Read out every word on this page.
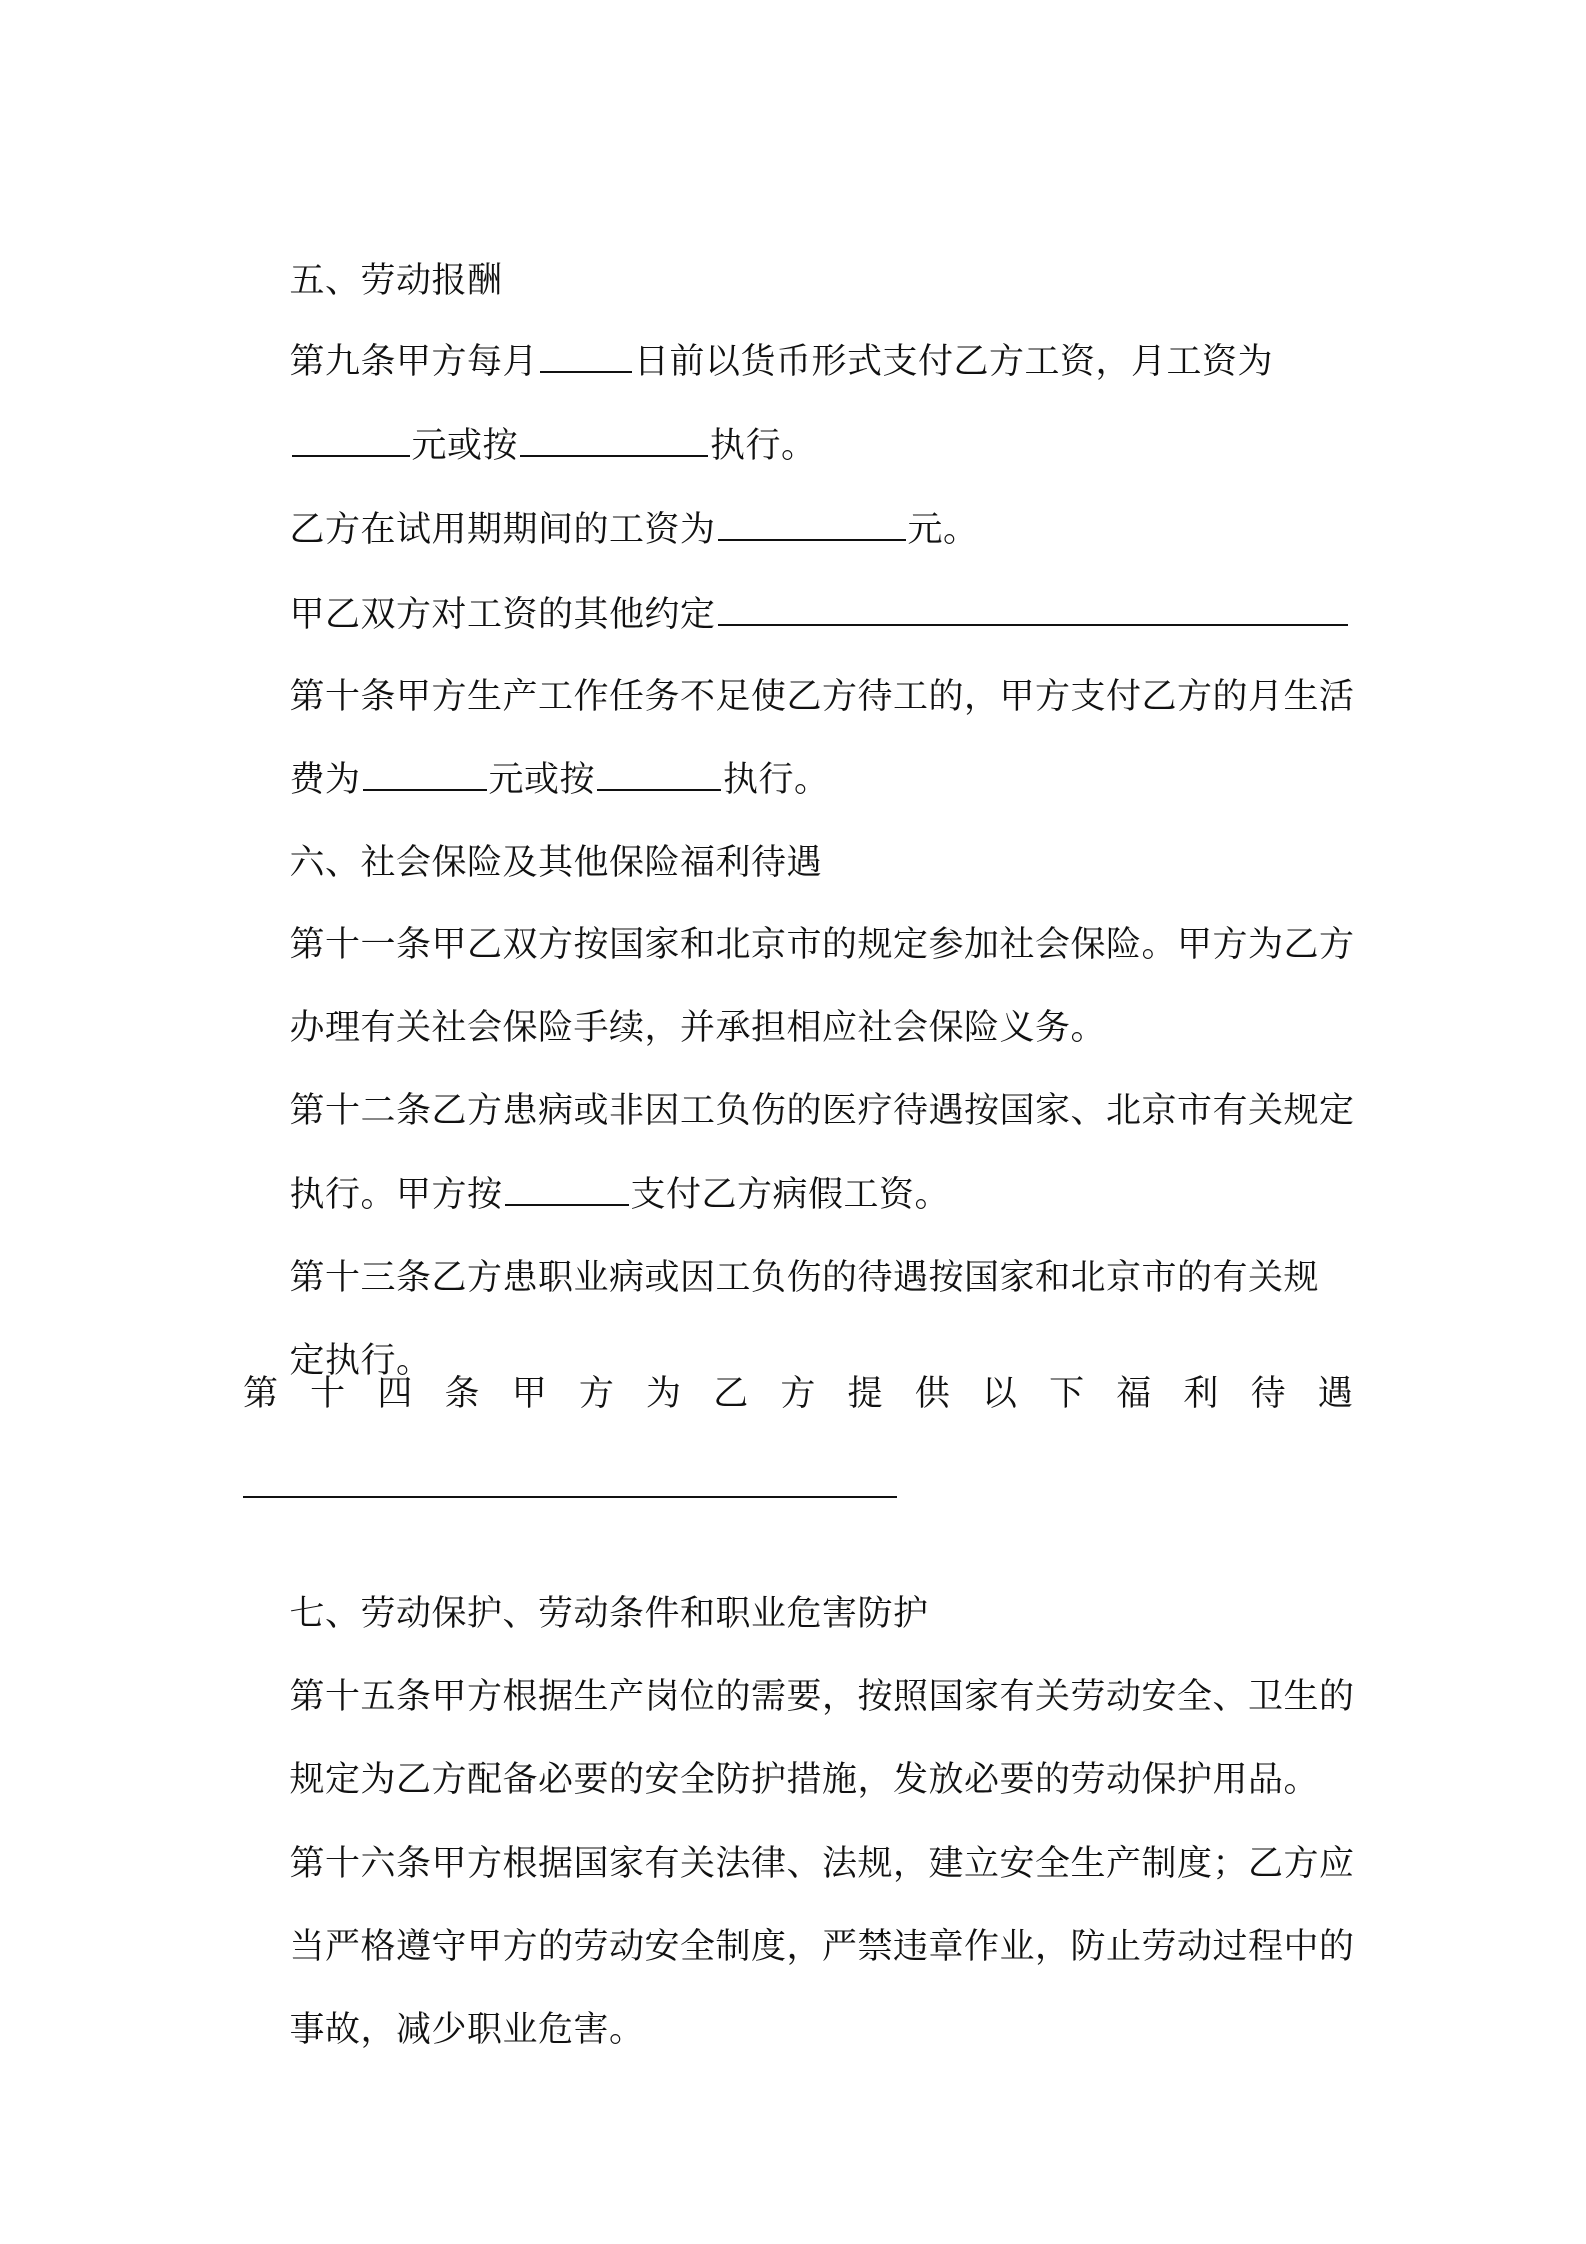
五、劳动报酬

第九条甲方每月	日前以货币形式支付乙方工资，月工资为

元或按	执行。

乙方在试用期期间的工资为	元。

甲乙双方对工资的其他约定

第十条甲方生产工作任务不足使乙方待工的，甲方支付乙方的月生活

费为	元或按	执行。

六、社会保险及其他保险福利待遇

第十一条甲乙双方按国家和北京市的规定参加社会保险。甲方为乙方

办理有关社会保险手续，并承担相应社会保险义务。

第十二条乙方患病或非因工负伤的医疗待遇按国家、北京市有关规定

执行。甲方按	支付乙方病假工资。

第十三条乙方患职业病或因工负伤的待遇按国家和北京市的有关规

定执行。

第 十 四 条 甲 方 为 乙 方 提 供 以 下 福 利 待 遇

七、劳动保护、劳动条件和职业危害防护

第十五条甲方根据生产岗位的需要，按照国家有关劳动安全、卫生的

规定为乙方配备必要的安全防护措施，发放必要的劳动保护用品。

第十六条甲方根据国家有关法律、法规，建立安全生产制度；乙方应

当严格遵守甲方的劳动安全制度，严禁违章作业，防止劳动过程中的

事故，减少职业危害。
